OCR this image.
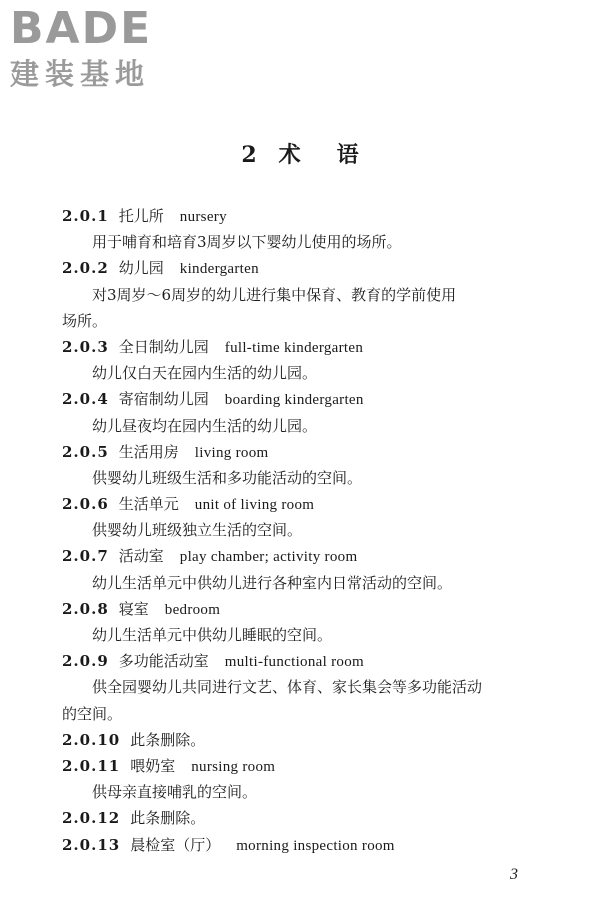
BADE
建装基地
2 术 语
2.0.1 托儿所 nursery
用于哺育和培育3周岁以下婴幼儿使用的场所。
2.0.2 幼儿园 kindergarten
对3周岁～6周岁的幼儿进行集中保育、教育的学前使用
场所。
2.0.3 全日制幼儿园 full-time kindergarten
幼儿仅白天在园内生活的幼儿园。
2.0.4 寄宿制幼儿园 boarding kindergarten
幼儿昼夜均在园内生活的幼儿园。
2.0.5 生活用房 living room
供婴幼儿班级生活和多功能活动的空间。
2.0.6 生活单元 unit of living room
供婴幼儿班级独立生活的空间。
2.0.7 活动室 play chamber; activity room
幼儿生活单元中供幼儿进行各种室内日常活动的空间。
2.0.8 寝室 bedroom
幼儿生活单元中供幼儿睡眠的空间。
2.0.9 多功能活动室 multi-functional room
供全园婴幼儿共同进行文艺、体育、家长集会等多功能活动
的空间。
2.0.10 此条删除。
2.0.11 喂奶室 nursing room
供母亲直接哺乳的空间。
2.0.12 此条删除。
2.0.13 晨检室（厅） morning inspection room
3
